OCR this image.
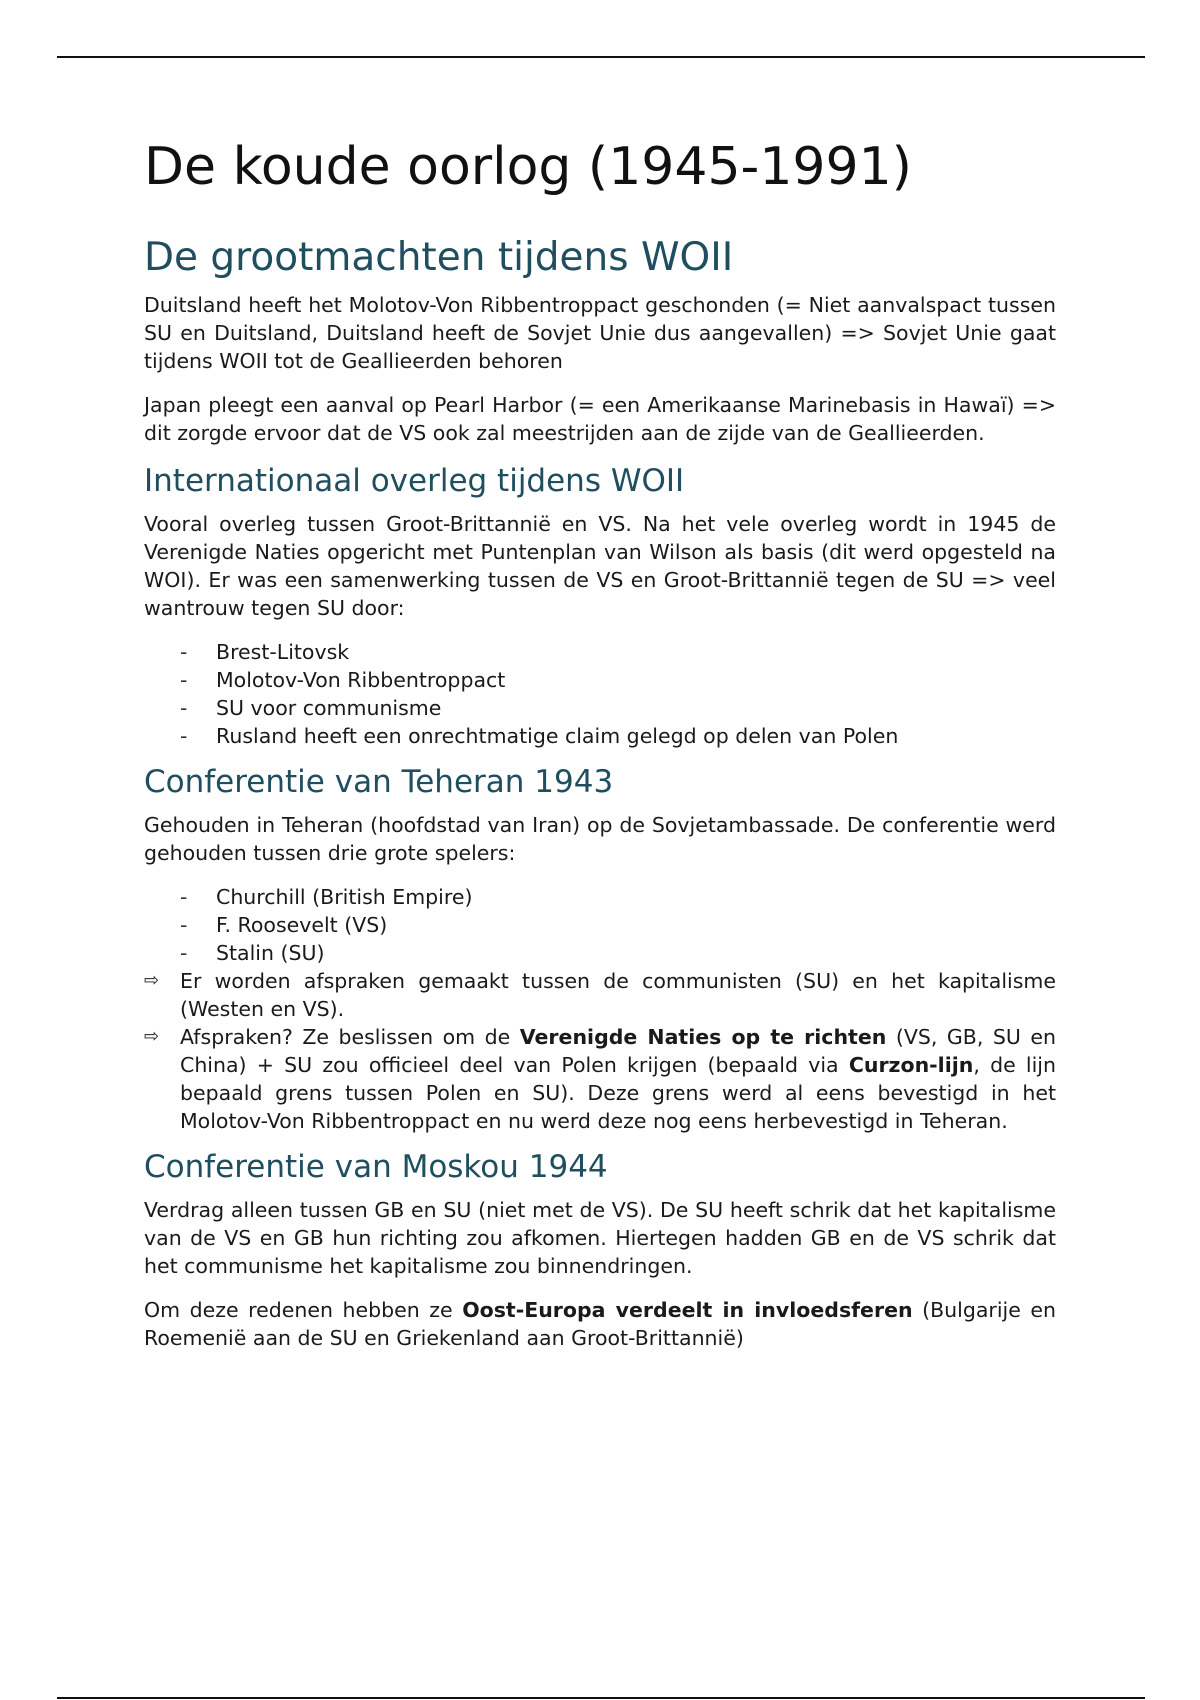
De koude oorlog (1945-1991)
De grootmachten tijdens WOII

Duitsland heeft het Molotov-Von Ribbentroppact geschonden (= Niet aanvalspact tussen SU en Duitsland, Duitsland heeft de Sovjet Unie dus aangevallen) => Sovjet Unie gaat tijdens WOII tot de Geallieerden behoren

Japan pleegt een aanval op Pearl Harbor (= een Amerikaanse Marinebasis in Hawaï) => dit zorgde ervoor dat de VS ook zal meestrijden aan de zijde van de Geallieerden.

Internationaal overleg tijdens WOII

Vooral overleg tussen Groot-Brittannië en VS. Na het vele overleg wordt in 1945 de Verenigde Naties opgericht met Puntenplan van Wilson als basis (dit werd opgesteld na WOI). Er was een samenwerking tussen de VS en Groot-Brittannië tegen de SU => veel wantrouw tegen SU door:

- Brest-Litovsk
- Molotov-Von Ribbentroppact
- SU voor communisme
- Rusland heeft een onrechtmatige claim gelegd op delen van Polen
Conferentie van Teheran 1943

Gehouden in Teheran (hoofdstad van Iran) op de Sovjetambassade. De conferentie werd gehouden tussen drie grote spelers:

- Churchill (British Empire)
- F. Roosevelt (VS)
- Stalin (SU)
⇨ Er worden afspraken gemaakt tussen de communisten (SU) en het kapitalisme (Westen en VS).
⇨ Afspraken? Ze beslissen om de Verenigde Naties op te richten (VS, GB, SU en China) + SU zou officieel deel van Polen krijgen (bepaald via Curzon-lijn, de lijn bepaald grens tussen Polen en SU). Deze grens werd al eens bevestigd in het Molotov-Von Ribbentroppact en nu werd deze nog eens herbevestigd in Teheran.
Conferentie van Moskou 1944

Verdrag alleen tussen GB en SU (niet met de VS). De SU heeft schrik dat het kapitalisme van de VS en GB hun richting zou afkomen. Hiertegen hadden GB en de VS schrik dat het communisme het kapitalisme zou binnendringen.

Om deze redenen hebben ze Oost-Europa verdeelt in invloedsferen (Bulgarije en Roemenië aan de SU en Griekenland aan Groot-Brittannië)
